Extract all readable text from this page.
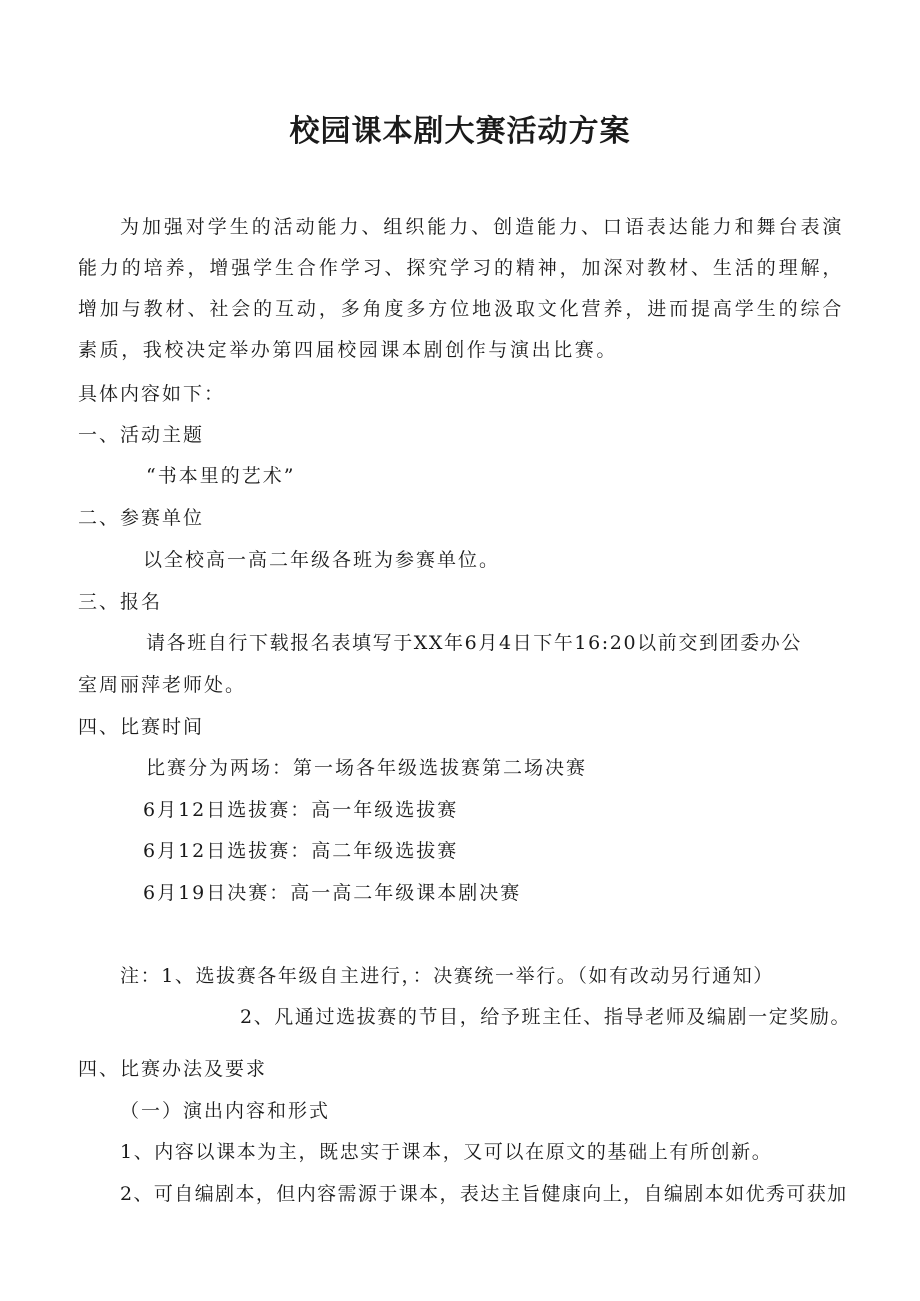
校园课本剧大赛活动方案

为加强对学生的活动能力、组织能力、创造能力、口语表达能力和舞台表演能力的培养，增强学生合作学习、探究学习的精神，加深对教材、生活的理解，增加与教材、社会的互动，多角度多方位地汲取文化营养，进而提高学生的综合素质，我校决定举办第四届校园课本剧创作与演出比赛。

具体内容如下：
一、活动主题
“书本里的艺术”
二、参赛单位
以全校高一高二年级各班为参赛单位。
三、报名
请各班自行下载报名表填写于XX年6月4日下午16:20以前交到团委办公
室周丽萍老师处。
四、比赛时间
比赛分为两场：第一场各年级选拔赛第二场决赛
6月12日选拔赛：高一年级选拔赛
6月12日选拔赛：高二年级选拔赛
6月19日决赛：高一高二年级课本剧决赛
注：1、选拔赛各年级自主进行，：决赛统一举行。（如有改动另行通知）
2、凡通过选拔赛的节目，给予班主任、指导老师及编剧一定奖励。
四、比赛办法及要求
（一）演出内容和形式
1、内容以课本为主，既忠实于课本，又可以在原文的基础上有所创新。
2、可自编剧本，但内容需源于课本，表达主旨健康向上，自编剧本如优秀可获加
